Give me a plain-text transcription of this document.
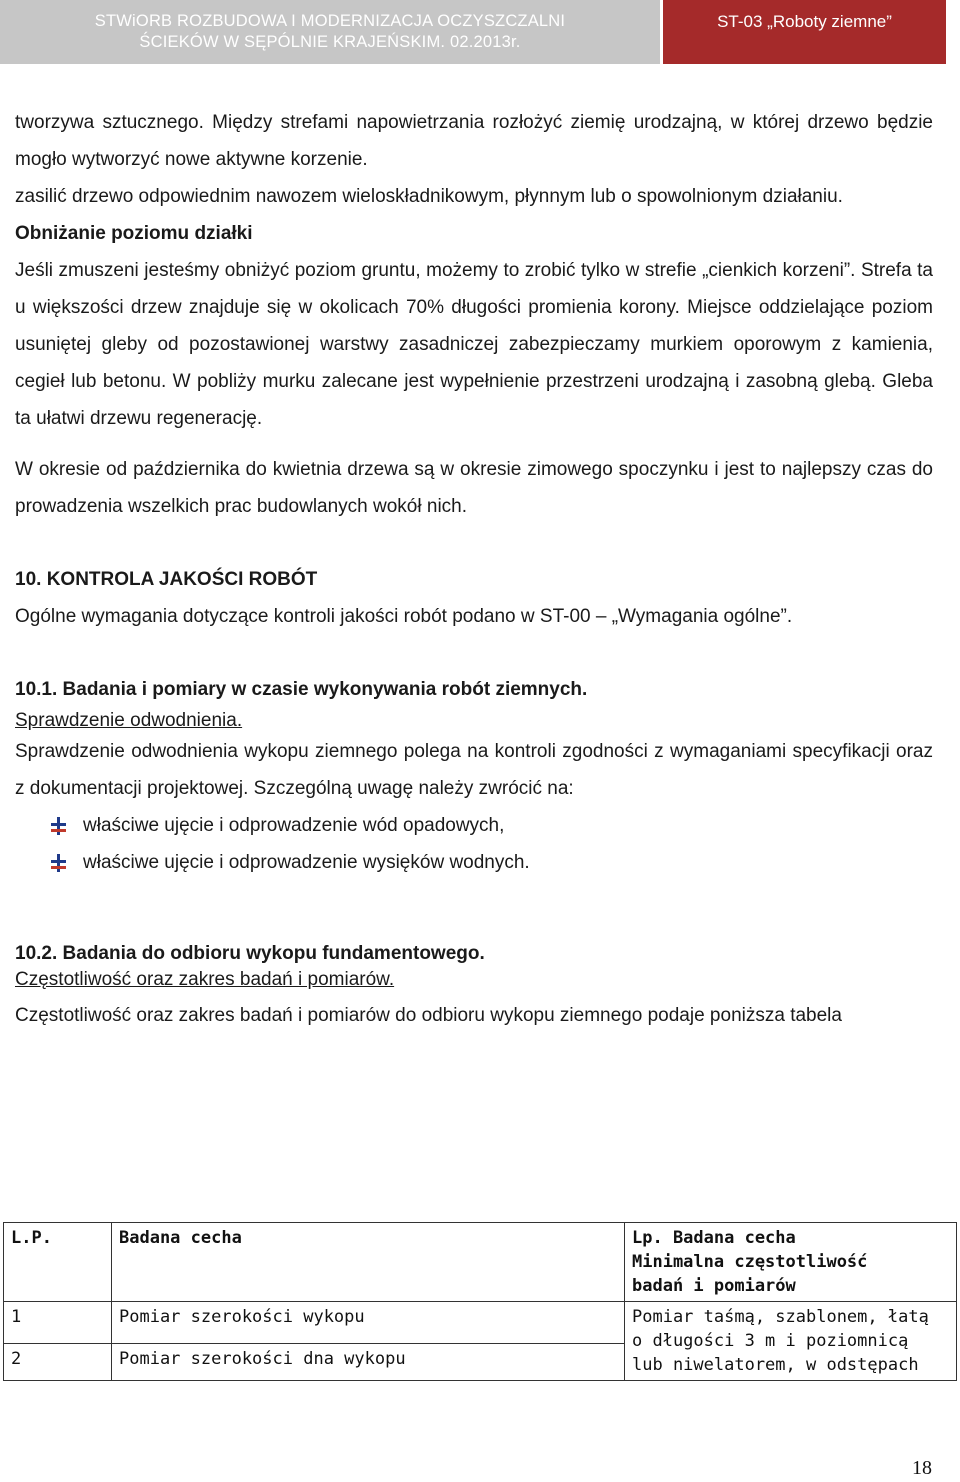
STWiORB ROZBUDOWA I MODERNIZACJA OCZYSZCZALNI
ŚCIEKÓW W SĘPÓLNIE KRAJEŃSKIM. 02.2013r.
ST-03 „Roboty ziemne”

tworzywa sztucznego. Między strefami napowietrzania rozłożyć ziemię urodzajną, w której drzewo będzie mogło wytworzyć nowe aktywne korzenie.

zasilić drzewo odpowiednim nawozem wieloskładnikowym, płynnym lub o spowolnionym działaniu.

Obniżanie poziomu działki

Jeśli zmuszeni jesteśmy obniżyć poziom gruntu, możemy to zrobić tylko w strefie „cienkich korzeni”. Strefa ta u większości drzew znajduje się w okolicach 70% długości promienia korony. Miejsce oddzielające poziom usuniętej gleby od pozostawionej warstwy zasadniczej zabezpieczamy murkiem oporowym z kamienia, cegieł lub betonu. W pobliży murku zalecane jest wypełnienie przestrzeni urodzajną i zasobną glebą. Gleba ta ułatwi drzewu regenerację.

W okresie od października do kwietnia drzewa są w okresie zimowego spoczynku i jest to najlepszy czas do prowadzenia wszelkich prac budowlanych wokół nich.

10. KONTROLA JAKOŚCI ROBÓT

Ogólne wymagania dotyczące kontroli jakości robót podano w ST-00 – „Wymagania ogólne”.

10.1. Badania i pomiary w czasie wykonywania robót ziemnych.

Sprawdzenie odwodnienia.

Sprawdzenie odwodnienia wykopu ziemnego polega na kontroli zgodności z wymaganiami specyfikacji oraz z dokumentacji projektowej. Szczególną uwagę należy zwrócić na:

właściwe ujęcie i odprowadzenie wód opadowych,
właściwe ujęcie i odprowadzenie wysięków wodnych.

10.2. Badania do odbioru wykopu fundamentowego.

Częstotliwość oraz zakres badań i pomiarów.

Częstotliwość oraz zakres badań i pomiarów do odbioru wykopu ziemnego podaje poniższa tabela

L.P.	Badana cecha	Lp. Badana cecha
Minimalna częstotliwość
badań i pomiarów
1	Pomiar szerokości wykopu	Pomiar taśmą, szablonem, łatą
o długości 3 m i poziomnicą
lub niwelatorem, w odstępach
2	Pomiar szerokości dna wykopu	
18
